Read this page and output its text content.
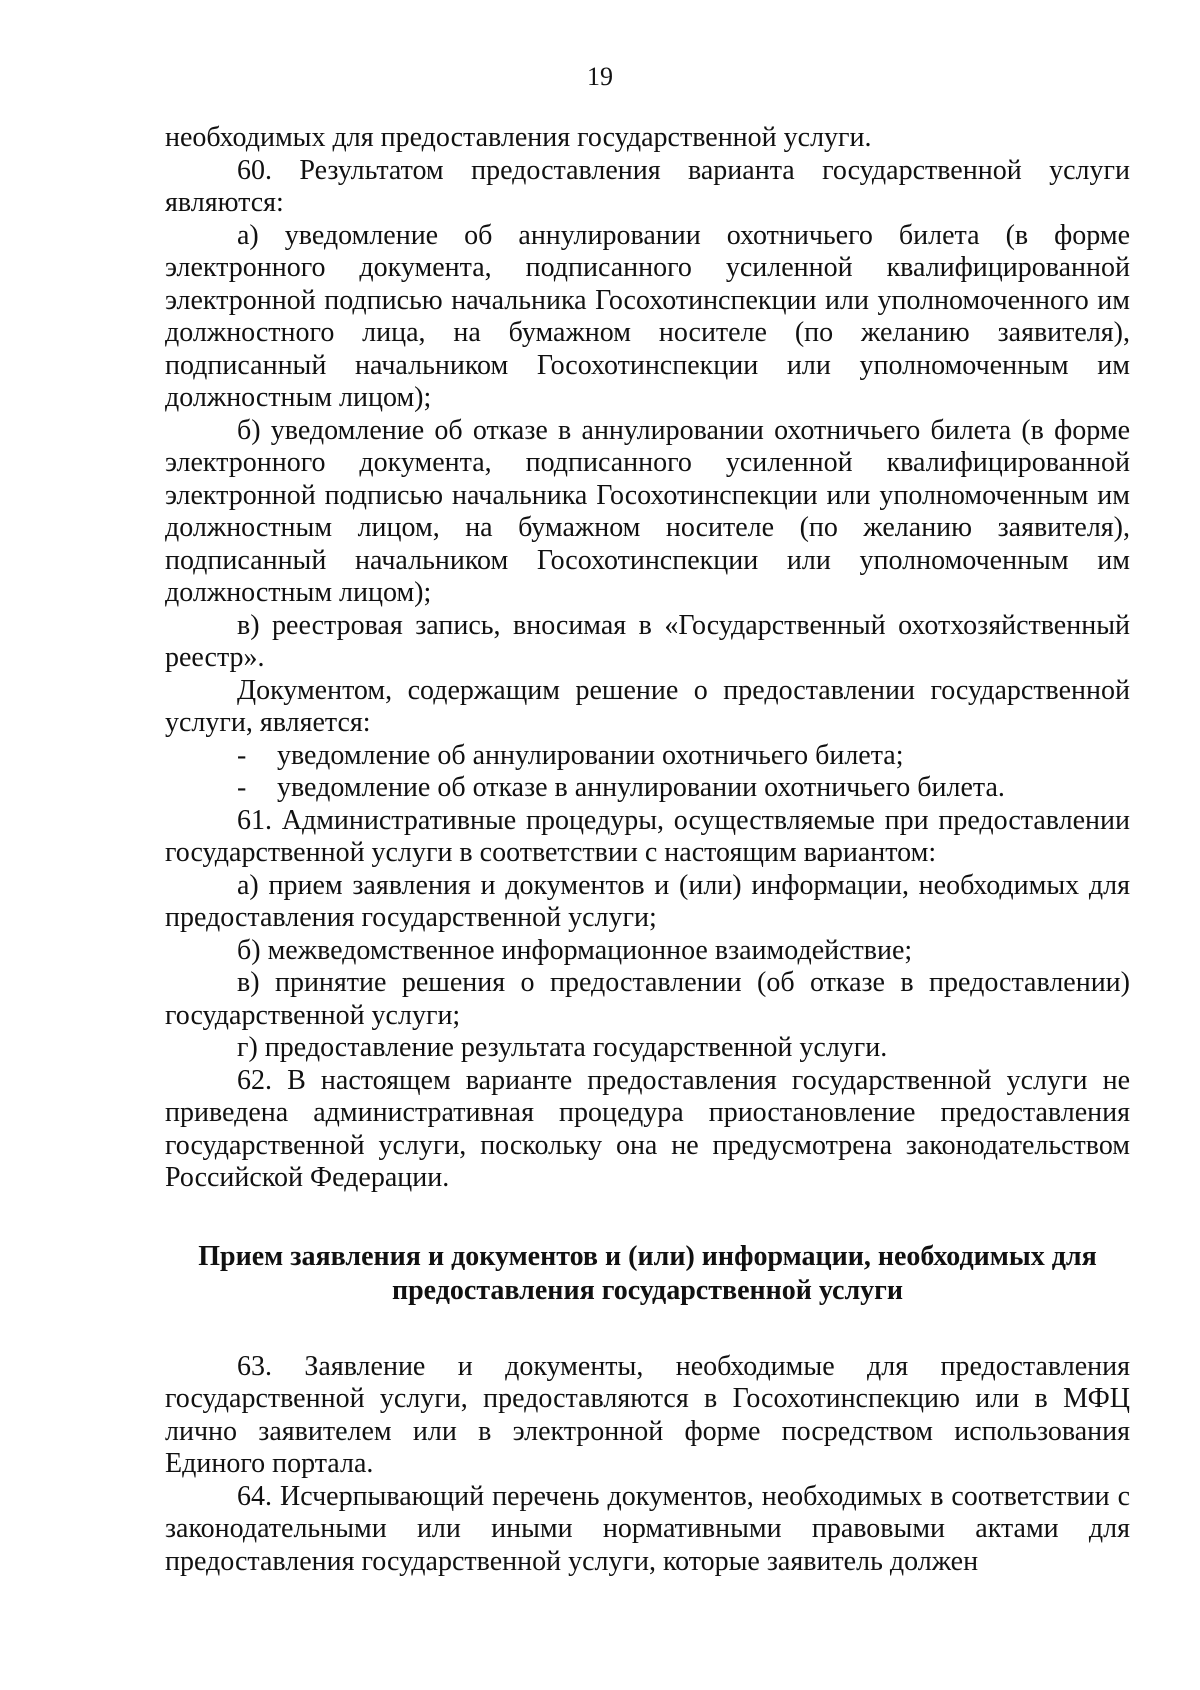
19

необходимых для предоставления государственной услуги.

60. Результатом предоставления варианта государственной услуги являются:

а) уведомление об аннулировании охотничьего билета (в форме электронного документа, подписанного усиленной квалифицированной электронной подписью начальника Госохотинспекции или уполномоченного им должностного лица, на бумажном носителе (по желанию заявителя), подписанный начальником Госохотинспекции или уполномоченным им должностным лицом);

б) уведомление об отказе в аннулировании охотничьего билета (в форме электронного документа, подписанного усиленной квалифицированной электронной подписью начальника Госохотинспекции или уполномоченным им должностным лицом, на бумажном носителе (по желанию заявителя), подписанный начальником Госохотинспекции или уполномоченным им должностным лицом);

в) реестровая запись, вносимая в «Государственный охотхозяйственный реестр».

Документом, содержащим решение о предоставлении государственной услуги, является:

-	уведомление об аннулировании охотничьего билета;
-	уведомление об отказе в аннулировании охотничьего билета.

61. Административные процедуры, осуществляемые при предоставлении государственной услуги в соответствии с настоящим вариантом:

а) прием заявления и документов и (или) информации, необходимых для предоставления государственной услуги;

б) межведомственное информационное взаимодействие;

в) принятие решения о предоставлении (об отказе в предоставлении) государственной услуги;

г) предоставление результата государственной услуги.

62. В настоящем варианте предоставления государственной услуги не приведена административная процедура приостановление предоставления государственной услуги, поскольку она не предусмотрена законодательством Российской Федерации.

Прием заявления и документов и (или) информации, необходимых для
предоставления государственной услуги

63. Заявление и документы, необходимые для предоставления государственной услуги, предоставляются в Госохотинспекцию или в МФЦ лично заявителем или в электронной форме посредством использования Единого портала.

64. Исчерпывающий перечень документов, необходимых в соответствии с законодательными или иными нормативными правовыми актами для предоставления государственной услуги, которые заявитель должен
